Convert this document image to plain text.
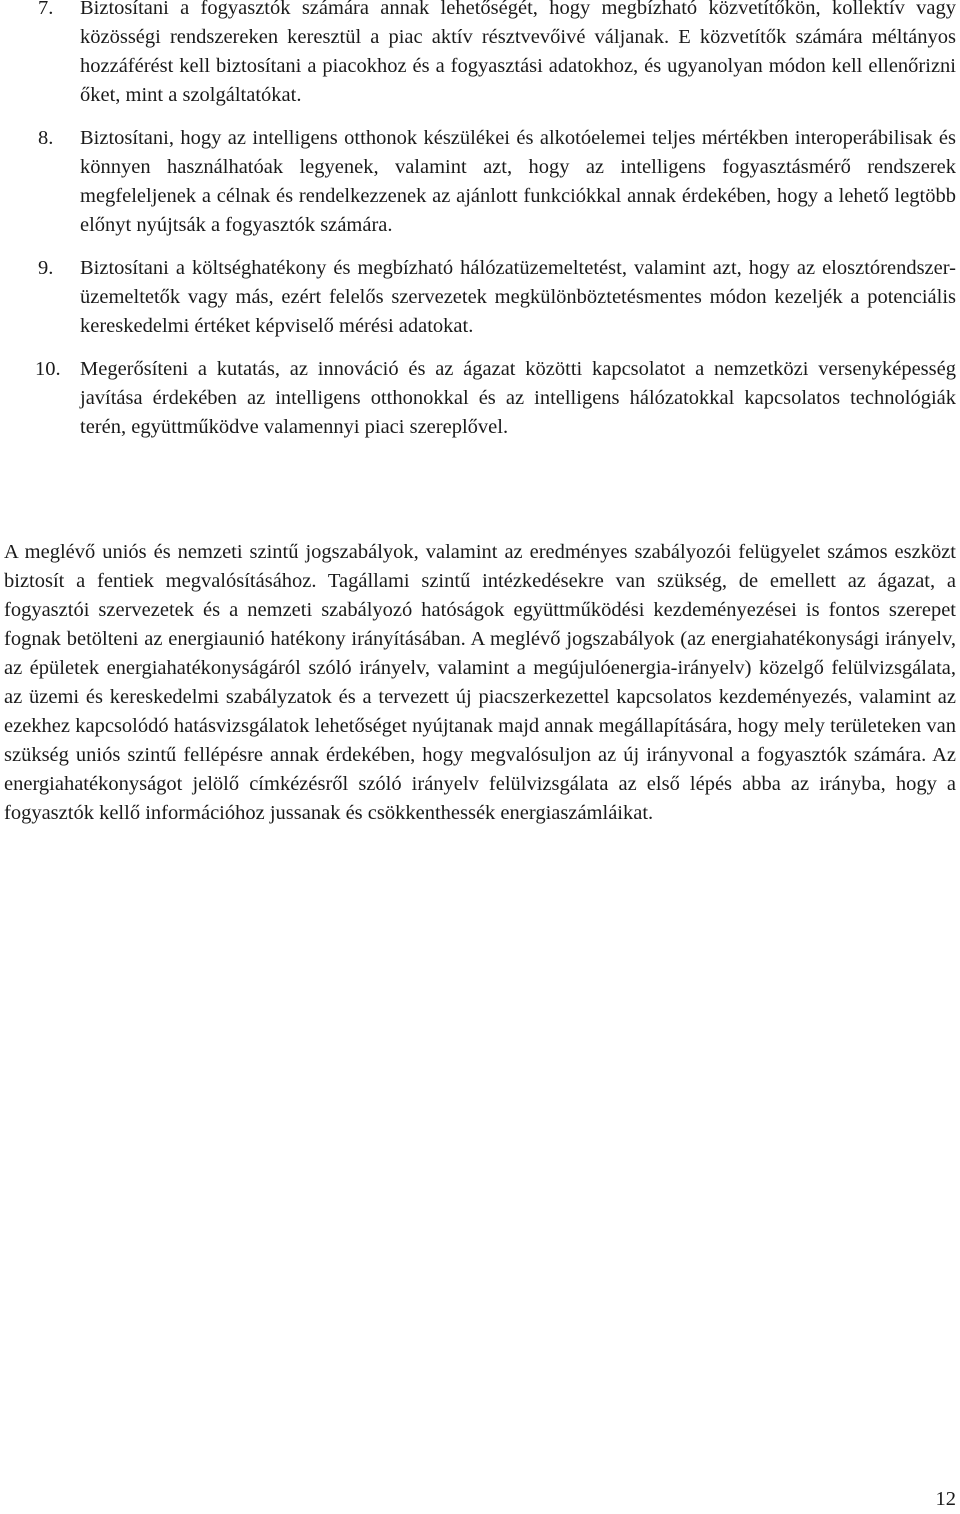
7.	Biztosítani a fogyasztók számára annak lehetőségét, hogy megbízható közvetítőkön, kollektív vagy közösségi rendszereken keresztül a piac aktív résztvevőivé váljanak. E közvetítők számára méltányos hozzáférést kell biztosítani a piacokhoz és a fogyasztási adatokhoz, és ugyanolyan módon kell ellenőrizni őket, mint a szolgáltatókat.
8.	Biztosítani, hogy az intelligens otthonok készülékei és alkotóelemei teljes mértékben interoperábilisak és könnyen használhatóak legyenek, valamint azt, hogy az intelligens fogyasztásmérő rendszerek megfeleljenek a célnak és rendelkezzenek az ajánlott funkciókkal annak érdekében, hogy a lehető legtöbb előnyt nyújtsák a fogyasztók számára.
9.	Biztosítani a költséghatékony és megbízható hálózatüzemeltetést, valamint azt, hogy az elosztórendszer-üzemeltetők vagy más, ezért felelős szervezetek megkülönböztetésmentes módon kezeljék a potenciális kereskedelmi értéket képviselő mérési adatokat.
10. Megerősíteni a kutatás, az innováció és az ágazat közötti kapcsolatot a nemzetközi versenyképesség javítása érdekében az intelligens otthonokkal és az intelligens hálózatokkal kapcsolatos technológiák terén, együttműködve valamennyi piaci szereplővel.

A meglévő uniós és nemzeti szintű jogszabályok, valamint az eredményes szabályozói felügyelet számos eszközt biztosít a fentiek megvalósításához. Tagállami szintű intézkedésekre van szükség, de emellett az ágazat, a fogyasztói szervezetek és a nemzeti szabályozó hatóságok együttműködési kezdeményezései is fontos szerepet fognak betölteni az energiaunió hatékony irányításában. A meglévő jogszabályok (az energiahatékonysági irányelv, az épületek energiahatékonyságáról szóló irányelv, valamint a megújulóenergia-irányelv) közelgő felülvizsgálata, az üzemi és kereskedelmi szabályzatok és a tervezett új piacszerkezettel kapcsolatos kezdeményezés, valamint az ezekhez kapcsolódó hatásvizsgálatok lehetőséget nyújtanak majd annak megállapítására, hogy mely területeken van szükség uniós szintű fellépésre annak érdekében, hogy megvalósuljon az új irányvonal a fogyasztók számára. Az energiahatékonyságot jelölő címkézésről szóló irányelv felülvizsgálata az első lépés abba az irányba, hogy a fogyasztók kellő információhoz jussanak és csökkenthessék energiaszámláikat.

12
